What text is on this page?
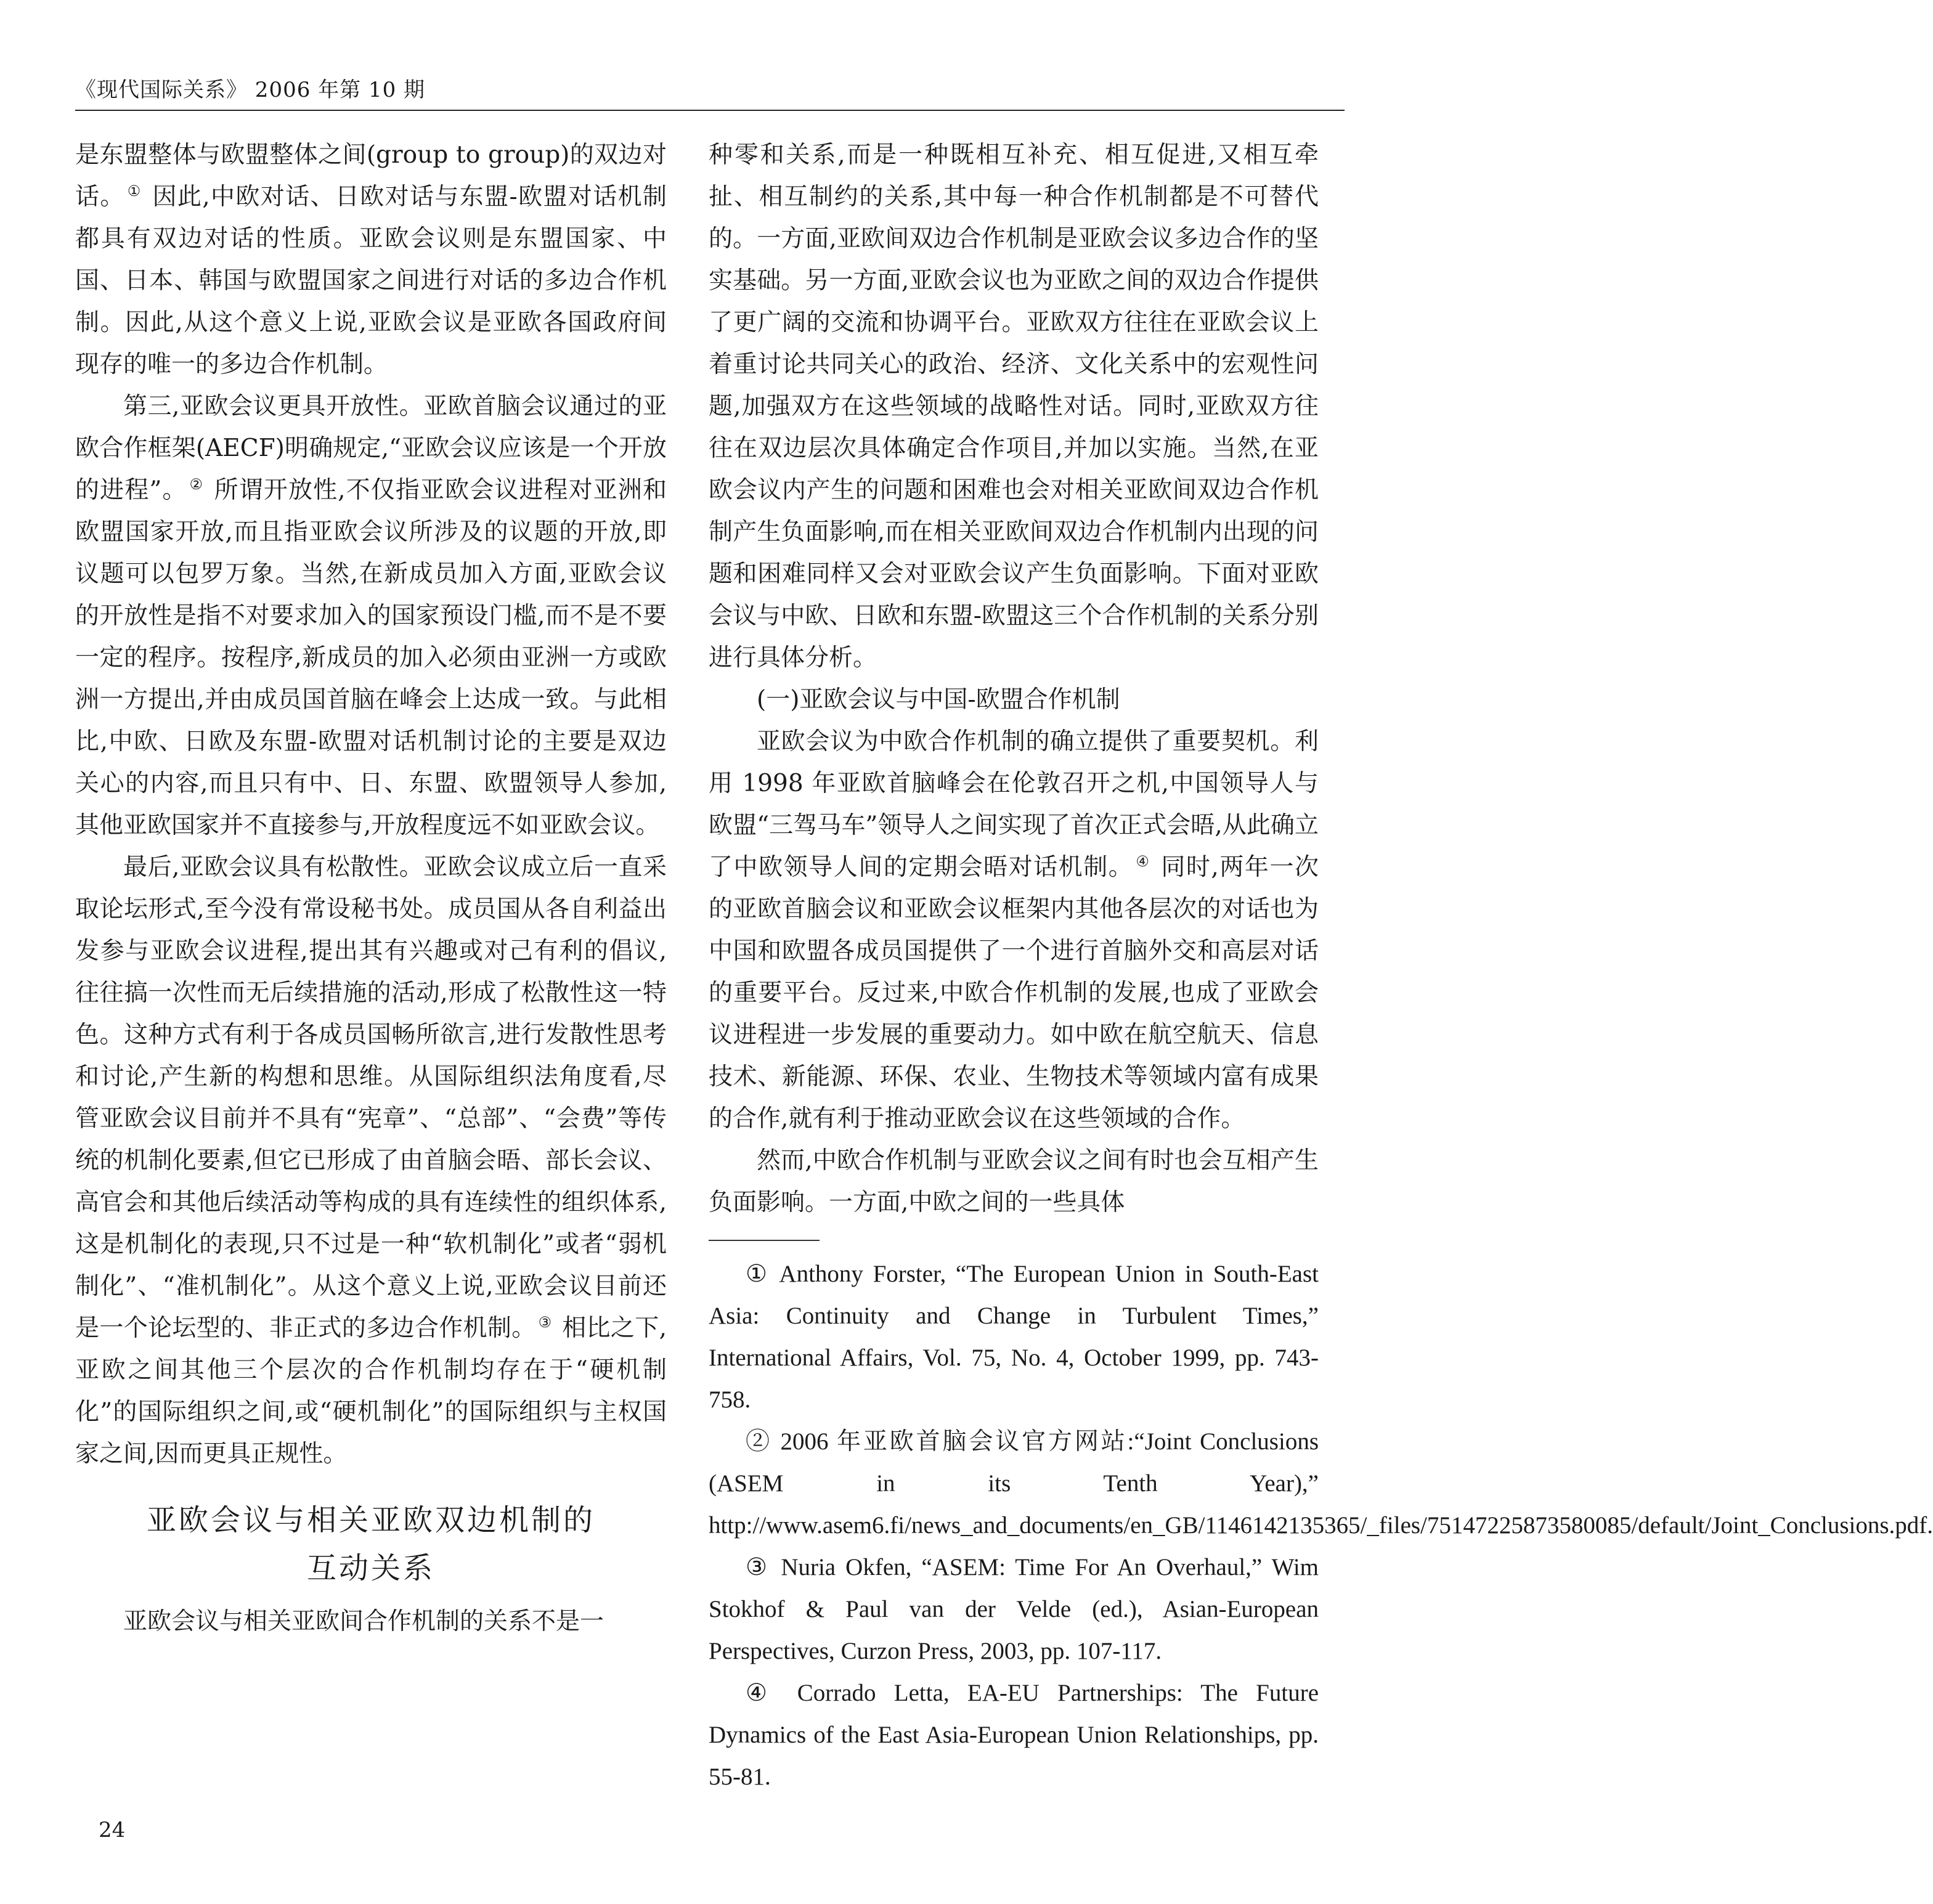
《现代国际关系》 2006 年第 10 期

是东盟整体与欧盟整体之间(group to group)的双边对话。 ① 因此,中欧对话、日欧对话与东盟-欧盟对话机制都具有双边对话的性质。亚欧会议则是东盟国家、中国、日本、韩国与欧盟国家之间进行对话的多边合作机制。因此,从这个意义上说,亚欧会议是亚欧各国政府间现存的唯一的多边合作机制。

第三,亚欧会议更具开放性。亚欧首脑会议通过的亚欧合作框架(AECF)明确规定,“亚欧会议应该是一个开放的进程”。 ② 所谓开放性,不仅指亚欧会议进程对亚洲和欧盟国家开放,而且指亚欧会议所涉及的议题的开放,即议题可以包罗万象。当然,在新成员加入方面,亚欧会议的开放性是指不对要求加入的国家预设门槛,而不是不要一定的程序。按程序,新成员的加入必须由亚洲一方或欧洲一方提出,并由成员国首脑在峰会上达成一致。与此相比,中欧、日欧及东盟-欧盟对话机制讨论的主要是双边关心的内容,而且只有中、日、东盟、欧盟领导人参加,其他亚欧国家并不直接参与,开放程度远不如亚欧会议。

最后,亚欧会议具有松散性。亚欧会议成立后一直采取论坛形式,至今没有常设秘书处。成员国从各自利益出发参与亚欧会议进程,提出其有兴趣或对己有利的倡议,往往搞一次性而无后续措施的活动,形成了松散性这一特色。这种方式有利于各成员国畅所欲言,进行发散性思考和讨论,产生新的构想和思维。从国际组织法角度看,尽管亚欧会议目前并不具有“宪章”、“总部”、“会费”等传统的机制化要素,但它已形成了由首脑会晤、部长会议、高官会和其他后续活动等构成的具有连续性的组织体系,这是机制化的表现,只不过是一种“软机制化”或者“弱机制化”、“准机制化”。从这个意义上说,亚欧会议目前还是一个论坛型的、非正式的多边合作机制。 ③ 相比之下,亚欧之间其他三个层次的合作机制均存在于“硬机制化”的国际组织之间,或“硬机制化”的国际组织与主权国家之间,因而更具正规性。

亚欧会议与相关亚欧双边机制的
互动关系

亚欧会议与相关亚欧间合作机制的关系不是一

种零和关系,而是一种既相互补充、相互促进,又相互牵扯、相互制约的关系,其中每一种合作机制都是不可替代的。一方面,亚欧间双边合作机制是亚欧会议多边合作的坚实基础。另一方面,亚欧会议也为亚欧之间的双边合作提供了更广阔的交流和协调平台。亚欧双方往往在亚欧会议上着重讨论共同关心的政治、经济、文化关系中的宏观性问题,加强双方在这些领域的战略性对话。同时,亚欧双方往往在双边层次具体确定合作项目,并加以实施。当然,在亚欧会议内产生的问题和困难也会对相关亚欧间双边合作机制产生负面影响,而在相关亚欧间双边合作机制内出现的问题和困难同样又会对亚欧会议产生负面影响。下面对亚欧会议与中欧、日欧和东盟-欧盟这三个合作机制的关系分别进行具体分析。

(一)亚欧会议与中国-欧盟合作机制

亚欧会议为中欧合作机制的确立提供了重要契机。利用 1998 年亚欧首脑峰会在伦敦召开之机,中国领导人与欧盟“三驾马车”领导人之间实现了首次正式会晤,从此确立了中欧领导人间的定期会晤对话机制。 ④ 同时,两年一次的亚欧首脑会议和亚欧会议框架内其他各层次的对话也为中国和欧盟各成员国提供了一个进行首脑外交和高层对话的重要平台。反过来,中欧合作机制的发展,也成了亚欧会议进程进一步发展的重要动力。如中欧在航空航天、信息技术、新能源、环保、农业、生物技术等领域内富有成果的合作,就有利于推动亚欧会议在这些领域的合作。

然而,中欧合作机制与亚欧会议之间有时也会互相产生负面影响。一方面,中欧之间的一些具体

① Anthony Forster, “The European Union in South-East Asia: Continuity and Change in Turbulent Times,” International Affairs, Vol. 75, No. 4, October 1999, pp. 743-758.

② 2006 年亚欧首脑会议官方网站:“Joint Conclusions (ASEM in its Tenth Year),” http://www.asem6.fi/news_and_documents/en_GB/1146142135365/_files/75147225873580085/default/Joint_Conclusions.pdf.

③ Nuria Okfen, “ASEM: Time For An Overhaul,” Wim Stokhof & Paul van der Velde (ed.), Asian-European Perspectives, Curzon Press, 2003, pp. 107-117.

④ Corrado Letta, EA-EU Partnerships: The Future Dynamics of the East Asia-European Union Relationships, pp. 55-81.

24
